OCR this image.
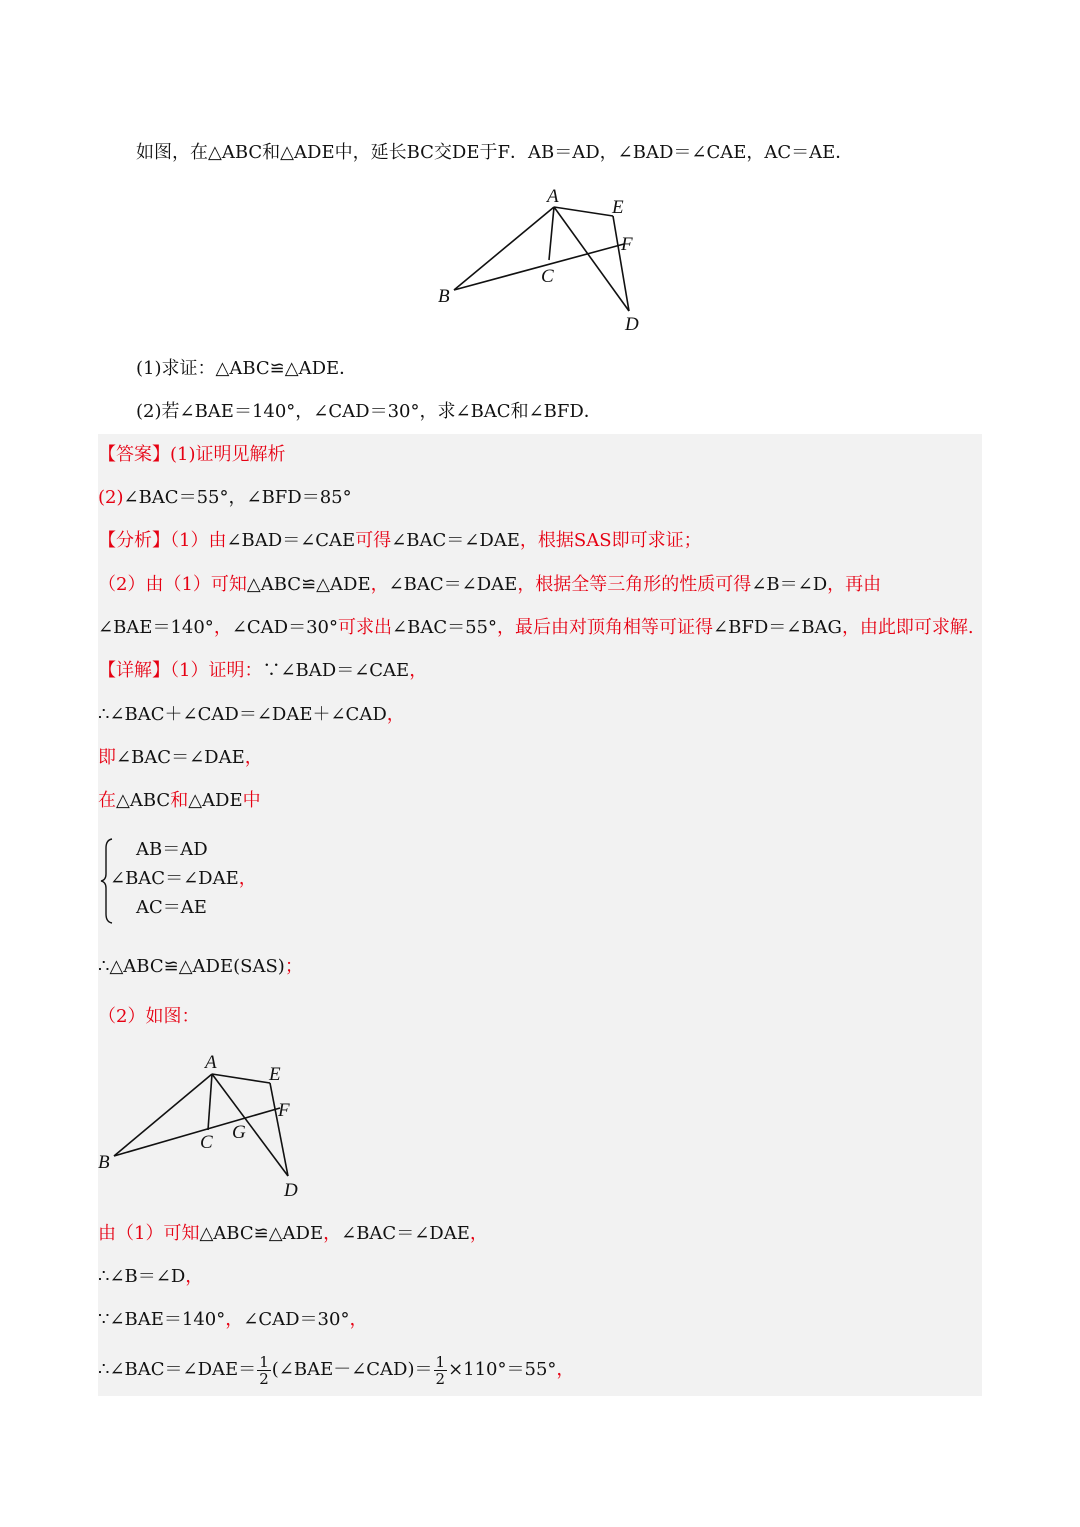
如图，在△ABC和△ADE中，延长BC交DE于F．AB＝AD，∠BAD＝∠CAE，AC＝AE．
A
E
F
C
B
D
(1)求证：△ABC≌△ADE．
(2)若∠BAE＝140°，∠CAD＝30°，求∠BAC和∠BFD．
【答案】(1)证明见解析
(2)∠BAC＝55°，∠BFD＝85°
【分析】（1）由∠BAD＝∠CAE可得∠BAC＝∠DAE，根据SAS即可求证；
（2）由（1）可知△ABC≌△ADE，∠BAC＝∠DAE，根据全等三角形的性质可得∠B＝∠D，再由
∠BAE＝140°，∠CAD＝30°可求出∠BAC＝55°，最后由对顶角相等可证得∠BFD＝∠BAG，由此即可求解.
【详解】（1）证明：∵∠BAD＝∠CAE，
∴∠BAC＋∠CAD＝∠DAE＋∠CAD，
即∠BAC＝∠DAE，
在△ABC和△ADE中
AB＝AD
∠BAC＝∠DAE，
AC＝AE
∴△ABC≌△ADE(SAS)；
（2）如图：
A
E
F
C G
B
D
由（1）可知△ABC≌△ADE，∠BAC＝∠DAE，
∴∠B＝∠D，
∵∠BAE＝140°，∠CAD＝30°，
∴∠BAC＝∠DAE＝ $\frac{1}{2}$ (∠BAE－∠CAD)＝ $\frac{1}{2} \times 110^\circ=55^\circ$，
